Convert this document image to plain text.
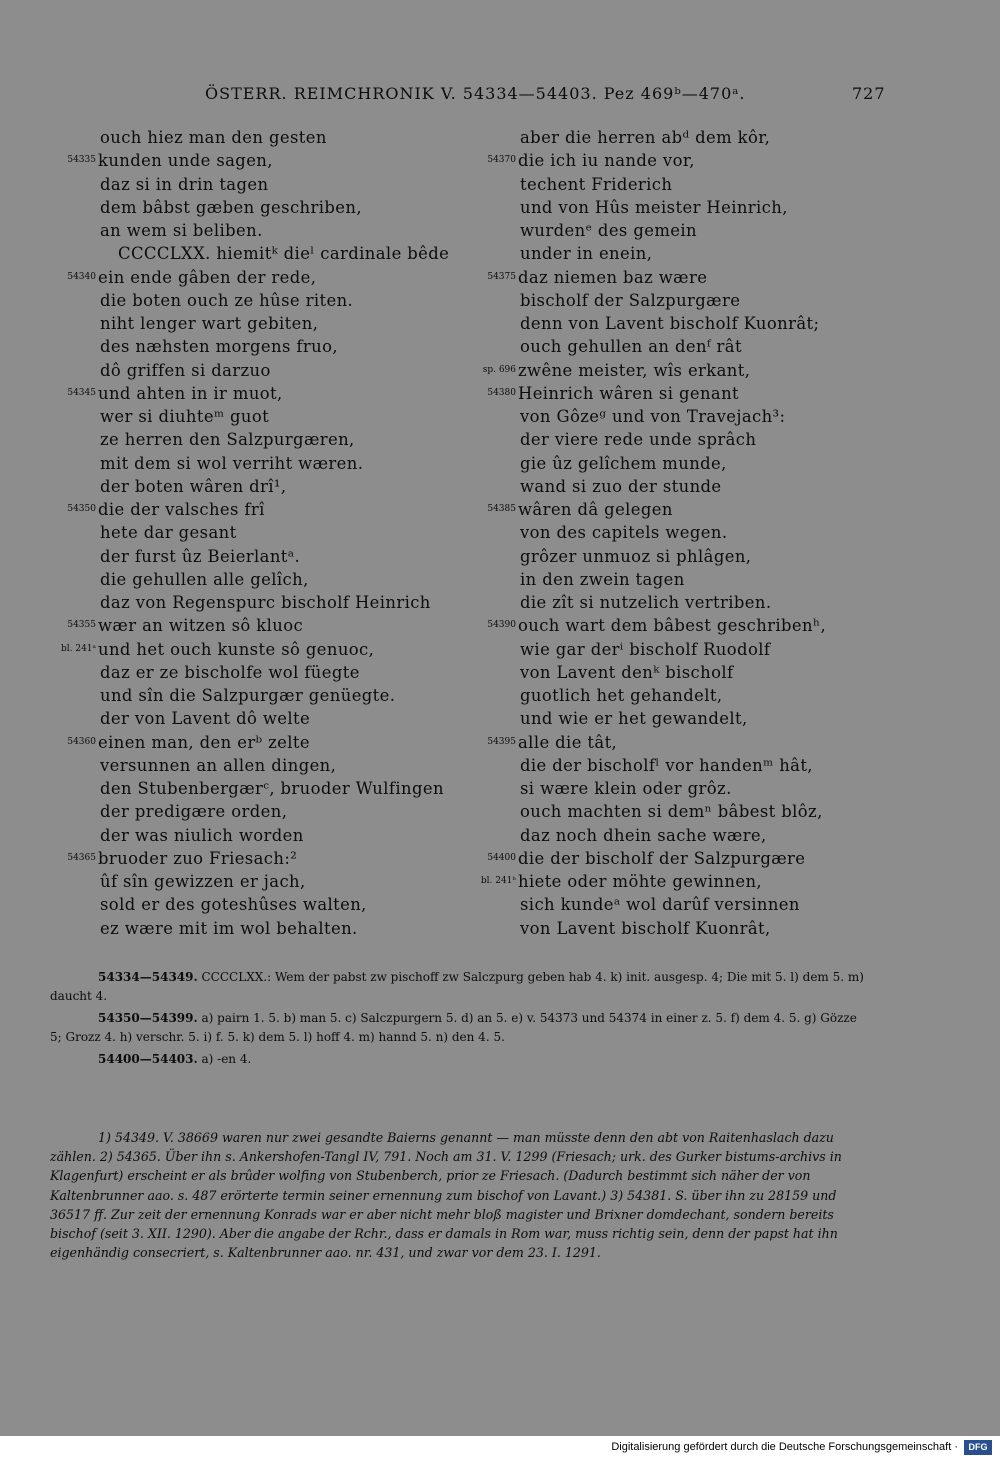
ÖSTERR. REIMCHRONIK V. 54334—54403. Pez 469ᵇ—470ᵃ.	727
ouch hiez man den gesten
54335 kunden unde sagen,
daz si in drin tagen
dem bâbst gæben geschriben,
an wem si beliben.
CCCCLXX. hiemitᵏ dieˡ cardinale bêde
54340 ein ende gâben der rede,
die boten ouch ze hûse riten.
niht lenger wart gebiten,
des næhsten morgens fruo,
dô griffen si darzuo
54345 und ahten in ir muot,
wer si diuhteᵐ guot
ze herren den Salzpurgæren,
mit dem si wol verriht wæren.
der boten wâren drî¹,
54350 die der valsches frî
hete dar gesant
der furst ûz Beierlantᵃ.
die gehullen alle gelîch,
daz von Regenspurc bischolf Heinrich
54355 wær an witzen sô kluoc
bl. 241ᵃ und het ouch kunste sô genuoc,
daz er ze bischolfe wol füegte
und sîn die Salzpurgær genüegte.
der von Lavent dô welte
54360 einen man, den erᵇ zelte
versunnen an allen dingen,
den Stubenbergærᶜ, bruoder Wulfingen
der predigære orden,
der was niulich worden
54365 bruoder zuo Friesach:²
ûf sîn gewizzen er jach,
sold er des goteshûses walten,
ez wære mit im wol behalten.
aber die herren abᵈ dem kôr,
54370 die ich iu nande vor,
techent Friderich
und von Hûs meister Heinrich,
wurdenᵉ des gemein
under in enein,
54375 daz niemen baz wære
bischolf der Salzpurgære
denn von Lavent bischolf Kuonrât;
ouch gehullen an denᶠ rât
sp. 696 zwêne meister, wîs erkant,
54380 Heinrich wâren si genant
von Gôzeᵍ und von Travejach³:
der viere rede unde sprâch
gie ûz gelîchem munde,
wand si zuo der stunde
54385 wâren dâ gelegen
von des capitels wegen.
grôzer unmuoz si phlâgen,
in den zwein tagen
die zît si nutzelich vertriben.
54390 ouch wart dem bâbest geschribenʰ,
wie gar derⁱ bischolf Ruodolf
von Lavent denᵏ bischolf
guotlich het gehandelt,
und wie er het gewandelt,
54395 alle die tât,
die der bischolfˡ vor handenᵐ hât,
si wære klein oder grôz.
ouch machten si demⁿ bâbest blôz,
daz noch dhein sache wære,
54400 die der bischolf der Salzpurgære
bl. 241ᵇ hiete oder möhte gewinnen,
sich kundeᵃ wol darûf versinnen
von Lavent bischolf Kuonrât,

54334—54349. CCCCLXX.: Wem der pabst zw pischoff zw Salczpurg geben hab 4. k) init. ausgesp. 4; Die mit 5. l) dem 5. m) daucht 4.

54350—54399. a) pairn 1. 5. b) man 5. c) Salczpurgern 5. d) an 5. e) v. 54373 und 54374 in einer z. 5. f) dem 4. 5. g) Gözze 5; Grozz 4. h) verschr. 5. i) f. 5. k) dem 5. l) hoff 4. m) hannd 5. n) den 4. 5.

54400—54403. a) -en 4.

1) 54349. V. 38669 waren nur zwei gesandte Baierns genannt — man müsste denn den abt von Raitenhaslach dazu zählen. 2) 54365. Über ihn s. Ankershofen-Tangl IV, 791. Noch am 31. V. 1299 (Friesach; urk. des Gurker bistums-archivs in Klagenfurt) erscheint er als brûder wolfing von Stubenberch, prior ze Friesach. (Dadurch bestimmt sich näher der von Kaltenbrunner aao. s. 487 erörterte termin seiner ernennung zum bischof von Lavant.) 3) 54381. S. über ihn zu 28159 und 36517 ff. Zur zeit der ernennung Konrads war er aber nicht mehr bloß magister und Brixner domdechant, sondern bereits bischof (seit 3. XII. 1290). Aber die angabe der Rchr., dass er damals in Rom war, muss richtig sein, denn der papst hat ihn eigenhändig consecriert, s. Kaltenbrunner aao. nr. 431, und zwar vor dem 23. I. 1291.
Digitalisierung gefördert durch die Deutsche Forschungsgemeinschaft ·	DFG
